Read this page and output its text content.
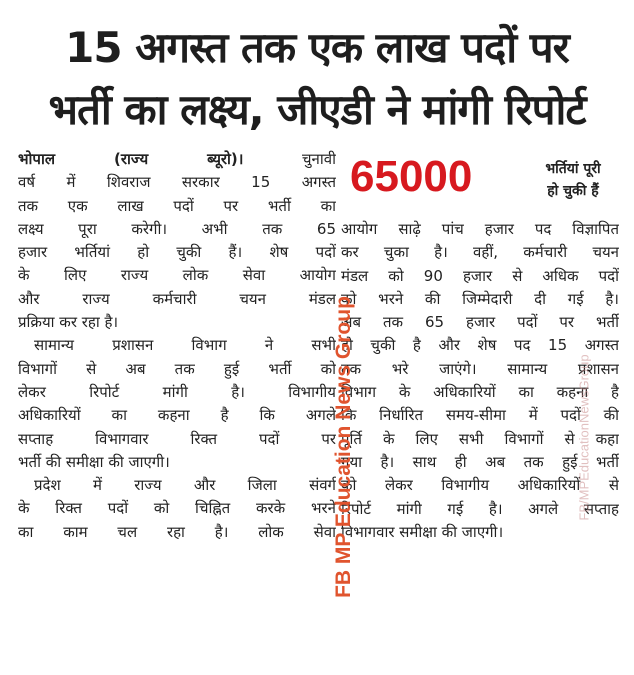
15 अगस्त तक एक लाख पदों पर
भर्ती का लक्ष्य, जीएडी ने मांगी रिपोर्ट
65000	भर्तियां पूरी
हो चुकी हैं
भोपाल (राज्य ब्यूरो)।	चुनावी
वर्ष में शिवराज सरकार 15 अगस्त
तक एक लाख पदों पर भर्ती का
लक्ष्य पूरा करेगी। अभी तक 65
हजार भर्तियां हो चुकी हैं। शेष पदों
के लिए राज्य लोक सेवा आयोग
और राज्य कर्मचारी चयन मंडल
प्रक्रिया कर रहा है।
सामान्य प्रशासन विभाग ने सभी
विभागों से अब तक हुई भर्ती को
लेकर रिपोर्ट मांगी है। विभागीय
अधिकारियों का कहना है कि अगले
सप्ताह विभागवार रिक्त पदों पर
भर्ती की समीक्षा की जाएगी।
प्रदेश में राज्य और जिला संवर्ग
के रिक्त पदों को चिह्नित करके भरने
का काम चल रहा है। लोक सेवा
आयोग साढ़े पांच हजार पद विज्ञापित
कर चुका है। वहीं, कर्मचारी चयन
मंडल को 90 हजार से अधिक पदों
को भरने की जिम्मेदारी दी गई है।
अब तक 65 हजार पदों पर भर्ती
हो चुकी है और शेष पद 15 अगस्त
तक भरे जाएंगे। सामान्य प्रशासन
विभाग के अधिकारियों का कहना है
कि निर्धारित समय-सीमा में पदों की
पूर्ति के लिए सभी विभागों से कहा
गया है। साथ ही अब तक हुई भर्ती
को लेकर विभागीय अधिकारियों से
रिपोर्ट मांगी गई है। अगले सप्ताह
विभागवार समीक्षा की जाएगी।
FB MP Education News Group	FB/MPEducationNewsGroup
